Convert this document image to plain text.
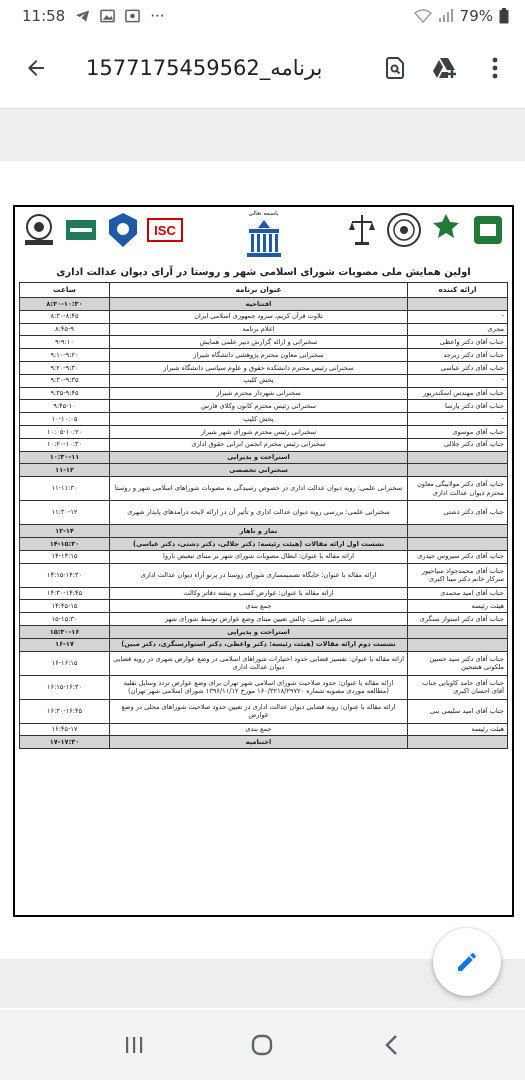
11:58	···	79%
برنامه_1577175459562
ISC
باسمه تعالی
اولین همایش ملی مصوبات شورای اسلامی شهر و روستا در آرای دیوان عدالت اداری
ارائه کننده	عنوان برنامه	ساعت
	افتتاحیه	۸:۳۰-۱۰:۳۰
-	تلاوت قرآن کریم، سرود جمهوری اسلامی ایران	۸:۳۰-۸:۴۵
مجری	اعلام برنامه	۸:۴۵-۹
جناب آقای دکتر واعظی	سخنرانی و ارائه گزارش دبیر علمی همایش	۹-۹:۱۰
جناب آقای دکتر زبرجد	سخنرانی معاون محترم پژوهشی دانشگاه شیراز	۹:۱۰-۹:۲۰
جناب آقای دکتر عباسی	سخنرانی رئیس محترم دانشکده حقوق و علوم سیاسی دانشگاه شیراز	۹:۲۰-۹:۳۰
-	پخش کلیپ	۹:۳۰-۹:۳۵
جناب آقای مهندس اسکندرپور	سخنرانی شهردار محترم شیراز	۹:۳۵-۹:۴۵
جناب آقای دکتر پارسا	سخنرانی رئیس محترم کانون وکلای فارس	۹:۴۵-۱۰
-	پخش کلیپ	۱۰-۱۰:۰۵
جناب آقای موسوی	سخنرانی رئیس محترم شورای شهر شیراز	۱۰:۰۵-۱۰:۲۰
جناب آقای دکتر جلالی	سخنرانی رئیس محترم انجمن ایرانی حقوق اداری	۱۰:۲۰-۱۰:۳۰
	استراحت و پذیرایی	۱۰:۳۰-۱۱
	سخنرانی تخصصی	۱۱-۱۲
جناب آقای دکتر مولاییگی معاون محترم دیوان عدالت اداری	سخنرانی علمی: رویه دیوان عدالت اداری در خصوص رسیدگی به مصوبات شوراهای اسلامی شهر و روستا	۱۱-۱۱:۳۰
جناب آقای دکتر دشتی	سخنرانی علمی: بررسی رویه دیوان عدالت اداری و تأثیر آن در ارائه لایحه درآمدهای پایدار شهری	۱۱:۳۰-۱۲
	نماز و ناهار	۱۲-۱۴
	نشست اول ارائه مقالات (هیئت رئیسه: دکتر جلالی، دکتر دشتی، دکتر عباسی)	۱۴-۱۵:۳۰
جناب آقای دکتر سیروس حیدری	ارائه مقاله با عنوان: ابطال مصوبات شورای شهر بر مبنای تبعیض ناروا	۱۴-۱۴:۱۵
جناب آقای محمدجواد سیاحپور سرکار خانم دکتر مینا اکبری	ارائه مقاله با عنوان: جایگاه تصمیمسازی شورای روستا در پرتو آراء دیوان عدالت اداری	۱۴:۱۵-۱۴:۳۰
جناب آقای امید محمدی	ارائه مقاله با عنوان: عوارض کسب و پیشه دفاتر وکالت	۱۴:۳۰-۱۴:۴۵
هیئت رئیسه	جمع بندی	۱۴:۴۵-۱۵
جناب آقای دکتر استوار سنگری	سخنرانی علمی: چالش تعیین مبنای وضع عوارض توسط شورای شهر	۱۵-۱۵:۳۰
	استراحت و پذیرایی	۱۵:۳۰-۱۶
	نشست دوم ارائه مقالات (هیئت رئیسه: دکتر واعظی، دکتر استوارسنگری، دکتر مبین)	۱۶-۱۷
جناب آقای دکتر سید حسین ملکوتی هشجین	ارائه مقاله با عنوان: تفسیر قضایی حدود اختیارات شوراهای اسلامی در وضع عوارض شهری در رویه قضایی دیوان عدالت اداری	۱۶-۱۶:۱۵
جناب آقای حامد کاویانی جناب آقای احسان اکبری	ارائه مقاله با عنوان: حدود صلاحیت شورای اسلامی شهر تهران برای وضع عوارض تردد وسایل نقلیه (مطالعه موردی مصوبه شماره ۱۶۰/۳۲۱۸/۲۹۷۲۰ مورخ ۱۳۹۶/۱۱/۱۲ شورای اسلامی شهر تهران)	۱۶:۱۵-۱۶:۳۰
جناب آقای امید سلیمی بنی	ارائه مقاله با عنوان: رویه قضایی دیوان عدالت اداری در تعیین حدود صلاحیت شوراهای محلی در وضع عوارض	۱۶:۳۰-۱۶:۴۵
هیئت رئیسه	جمع بندی	۱۶:۴۵-۱۷
	اختتامیه	۱۷-۱۷:۳۰
